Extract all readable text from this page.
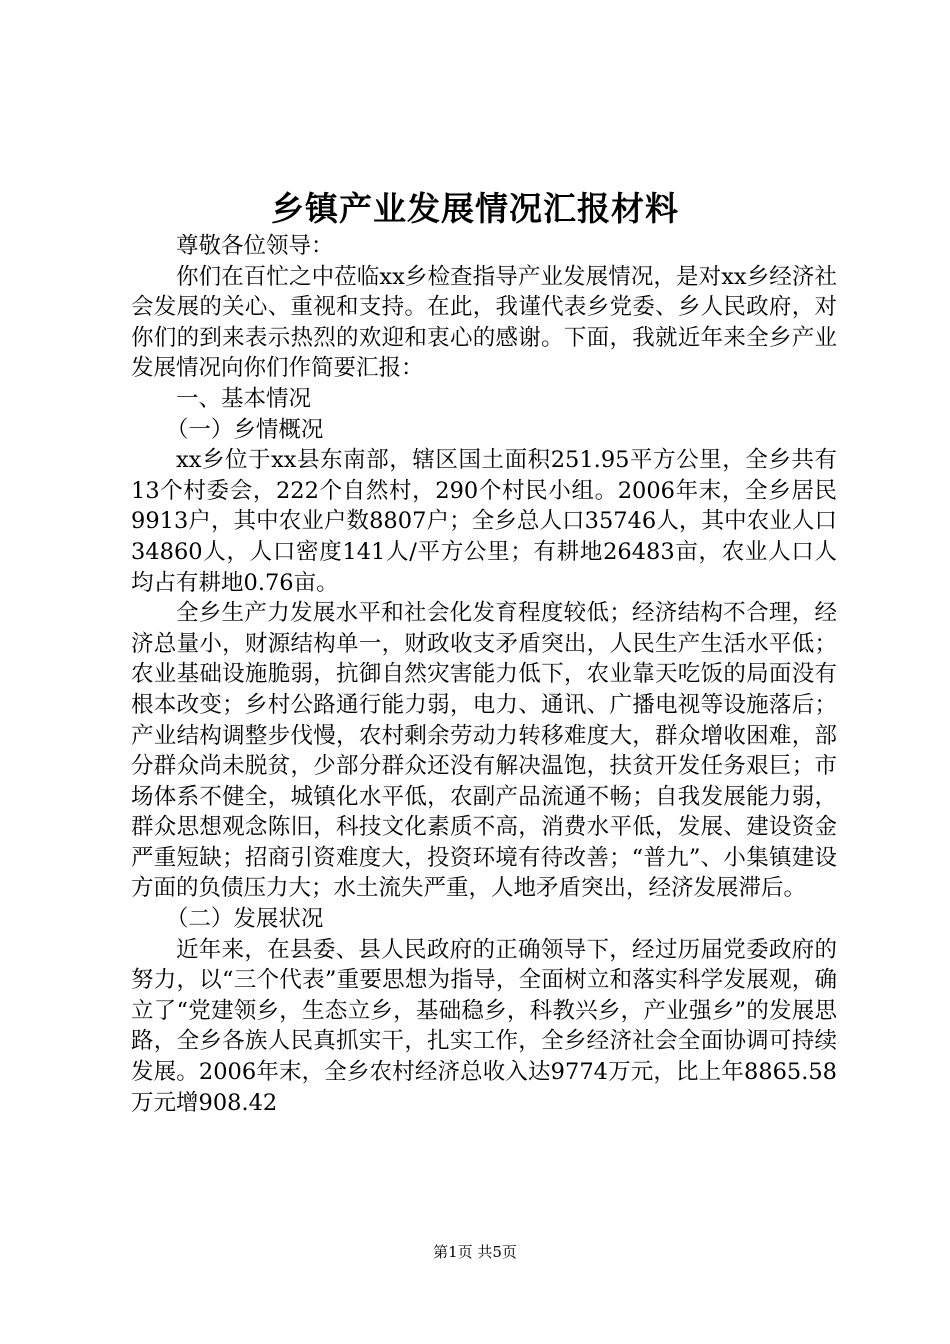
乡镇产业发展情况汇报材料

尊敬各位领导：

你们在百忙之中莅临xx乡检查指导产业发展情况，是对xx乡经济社会发展的关心、重视和支持。在此，我谨代表乡党委、乡人民政府，对你们的到来表示热烈的欢迎和衷心的感谢。下面，我就近年来全乡产业发展情况向你们作简要汇报：

一、基本情况

（一）乡情概况

xx乡位于xx县东南部，辖区国土面积251.95平方公里，全乡共有13个村委会，222个自然村，290个村民小组。2006年末，全乡居民9913户，其中农业户数8807户；全乡总人口35746人，其中农业人口34860人，人口密度141人/平方公里；有耕地26483亩，农业人口人均占有耕地0.76亩。

全乡生产力发展水平和社会化发育程度较低；经济结构不合理，经济总量小，财源结构单一，财政收支矛盾突出，人民生产生活水平低；农业基础设施脆弱，抗御自然灾害能力低下，农业靠天吃饭的局面没有根本改变；乡村公路通行能力弱，电力、通讯、广播电视等设施落后；产业结构调整步伐慢，农村剩余劳动力转移难度大，群众增收困难，部分群众尚未脱贫，少部分群众还没有解决温饱，扶贫开发任务艰巨；市场体系不健全，城镇化水平低，农副产品流通不畅；自我发展能力弱，群众思想观念陈旧，科技文化素质不高，消费水平低，发展、建设资金严重短缺；招商引资难度大，投资环境有待改善；“普九”、小集镇建设方面的负债压力大；水土流失严重，人地矛盾突出，经济发展滞后。

（二）发展状况

近年来，在县委、县人民政府的正确领导下，经过历届党委政府的努力，以“三个代表”重要思想为指导，全面树立和落实科学发展观，确立了“党建领乡，生态立乡，基础稳乡，科教兴乡，产业强乡”的发展思路，全乡各族人民真抓实干，扎实工作，全乡经济社会全面协调可持续发展。2006年末，全乡农村经济总收入达9774万元，比上年8865.58万元增908.42

第1页 共5页
